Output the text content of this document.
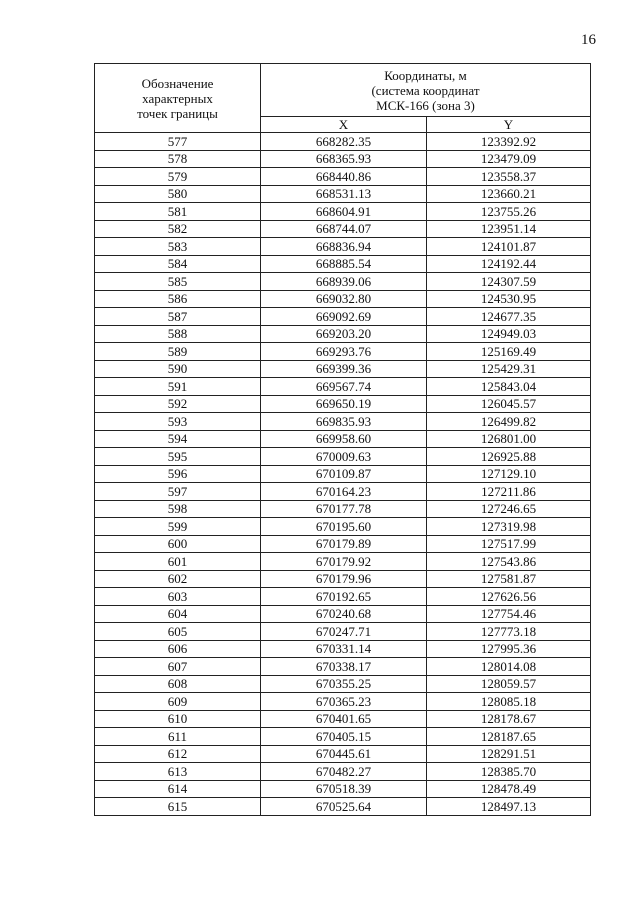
16
Обозначение
характерных
точек границы	Координаты, м
(система координат
МСК-166 (зона 3)	

	X	Y
577	668282.35	123392.92
578	668365.93	123479.09
579	668440.86	123558.37
580	668531.13	123660.21
581	668604.91	123755.26
582	668744.07	123951.14
583	668836.94	124101.87
584	668885.54	124192.44
585	668939.06	124307.59
586	669032.80	124530.95
587	669092.69	124677.35
588	669203.20	124949.03
589	669293.76	125169.49
590	669399.36	125429.31
591	669567.74	125843.04
592	669650.19	126045.57
593	669835.93	126499.82
594	669958.60	126801.00
595	670009.63	126925.88
596	670109.87	127129.10
597	670164.23	127211.86
598	670177.78	127246.65
599	670195.60	127319.98
600	670179.89	127517.99
601	670179.92	127543.86
602	670179.96	127581.87
603	670192.65	127626.56
604	670240.68	127754.46
605	670247.71	127773.18
606	670331.14	127995.36
607	670338.17	128014.08
608	670355.25	128059.57
609	670365.23	128085.18
610	670401.65	128178.67
611	670405.15	128187.65
612	670445.61	128291.51
613	670482.27	128385.70
614	670518.39	128478.49
615	670525.64	128497.13
